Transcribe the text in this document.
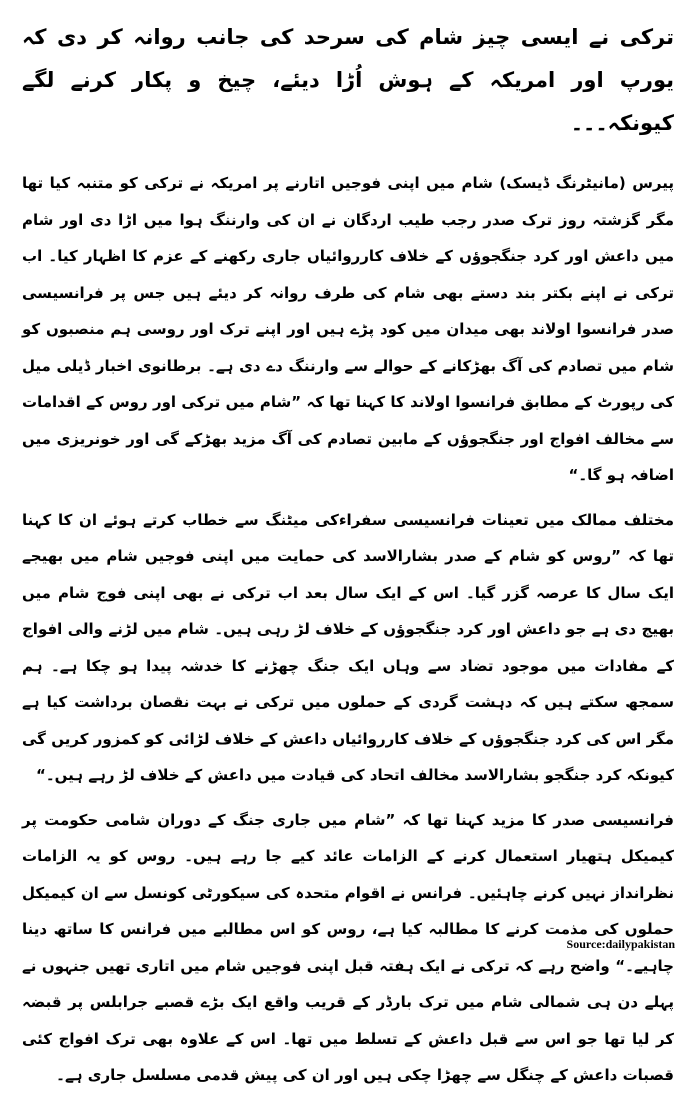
ترکی نے ایسی چیز شام کی سرحد کی جانب روانہ کر دی کہ یورپ اور امریکہ کے ہوش اُڑا دیئے، چیخ و پکار کرنے لگے کیونکہ۔۔۔

پیرس (مانیٹرنگ ڈیسک) شام میں اپنی فوجیں اتارنے پر امریکہ نے ترکی کو متنبہ کیا تھا مگر گزشتہ روز ترک صدر رجب طیب اردگان نے ان کی وارننگ ہوا میں اڑا دی اور شام میں داعش اور کرد جنگجوﺅں کے خلاف کارروائیاں جاری رکھنے کے عزم کا اظہار کیا۔ اب ترکی نے اپنے بکتر بند دستے بھی شام کی طرف روانہ کر دیئے ہیں جس پر فرانسیسی صدر فرانسوا اولاند بھی میدان میں کود پڑے ہیں اور اپنے ترک اور روسی ہم منصبوں کو شام میں تصادم کی آگ بھڑکانے کے حوالے سے وارننگ دے دی ہے۔ برطانوی اخبار ڈیلی میل کی رپورٹ کے مطابق فرانسوا اولاند کا کہنا تھا کہ ”شام میں ترکی اور روس کے اقدامات سے مخالف افواج اور جنگجوﺅں کے مابین تصادم کی آگ مزید بھڑکے گی اور خونریزی میں اضافہ ہو گا۔“

مختلف ممالک میں تعینات فرانسیسی سفراءکی میٹنگ سے خطاب کرتے ہوئے ان کا کہنا تھا کہ ”روس کو شام کے صدر بشارالاسد کی حمایت میں اپنی فوجیں شام میں بھیجے ایک سال کا عرصہ گزر گیا۔ اس کے ایک سال بعد اب ترکی نے بھی اپنی فوج شام میں بھیج دی ہے جو داعش اور کرد جنگجوﺅں کے خلاف لڑ رہی ہیں۔ شام میں لڑنے والی افواج کے مفادات میں موجود تضاد سے وہاں ایک جنگ چھڑنے کا خدشہ پیدا ہو چکا ہے۔ ہم سمجھ سکتے ہیں کہ دہشت گردی کے حملوں میں ترکی نے بہت نقصان برداشت کیا ہے مگر اس کی کرد جنگجوﺅں کے خلاف کارروائیاں داعش کے خلاف لڑائی کو کمزور کریں گی کیونکہ کرد جنگجو بشارالاسد مخالف اتحاد کی قیادت میں داعش کے خلاف لڑ رہے ہیں۔“

فرانسیسی صدر کا مزید کہنا تھا کہ ”شام میں جاری جنگ کے دوران شامی حکومت پر کیمیکل ہتھیار استعمال کرنے کے الزامات عائد کیے جا رہے ہیں۔ روس کو یہ الزامات نظرانداز نہیں کرنے چاہئیں۔ فرانس نے اقوام متحدہ کی سیکورٹی کونسل سے ان کیمیکل حملوں کی مذمت کرنے کا مطالبہ کیا ہے، روس کو اس مطالبے میں فرانس کا ساتھ دینا چاہیے۔“ واضح رہے کہ ترکی نے ایک ہفتہ قبل اپنی فوجیں شام میں اتاری تھیں جنہوں نے پہلے دن ہی شمالی شام میں ترک بارڈر کے قریب واقع ایک بڑے قصبے جرابلس پر قبضہ کر لیا تھا جو اس سے قبل داعش کے تسلط میں تھا۔ اس کے علاوہ بھی ترک افواج کئی قصبات داعش کے چنگل سے چھڑا چکی ہیں اور ان کی پیش قدمی مسلسل جاری ہے۔

Source:dailypakistan
